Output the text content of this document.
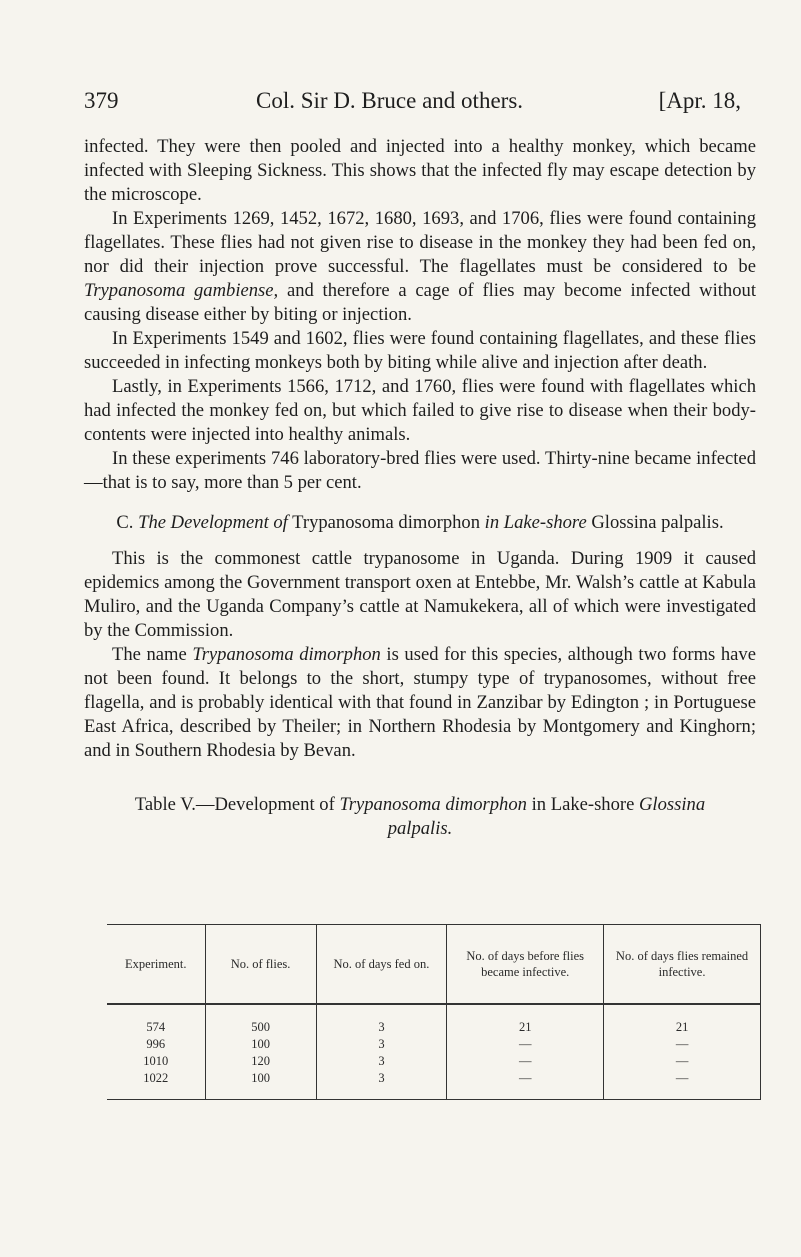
379	Col. Sir D. Bruce and others.	[Apr. 18,

infected. They were then pooled and injected into a healthy monkey, which became infected with Sleeping Sickness. This shows that the infected fly may escape detection by the microscope.

In Experiments 1269, 1452, 1672, 1680, 1693, and 1706, flies were found containing flagellates. These flies had not given rise to disease in the monkey they had been fed on, nor did their injection prove successful. The flagellates must be considered to be Trypanosoma gambiense, and therefore a cage of flies may become infected without causing disease either by biting or injection.

In Experiments 1549 and 1602, flies were found containing flagellates, and these flies succeeded in infecting monkeys both by biting while alive and injection after death.

Lastly, in Experiments 1566, 1712, and 1760, flies were found with flagellates which had infected the monkey fed on, but which failed to give rise to disease when their body-contents were injected into healthy animals.

In these experiments 746 laboratory-bred flies were used. Thirty-nine became infected—that is to say, more than 5 per cent.

C. The Development of Trypanosoma dimorphon in Lake-shore Glossina palpalis.

This is the commonest cattle trypanosome in Uganda. During 1909 it caused epidemics among the Government transport oxen at Entebbe, Mr. Walsh’s cattle at Kabula Muliro, and the Uganda Company’s cattle at Namukekera, all of which were investigated by the Commission.

The name Trypanosoma dimorphon is used for this species, although two forms have not been found. It belongs to the short, stumpy type of trypanosomes, without free flagella, and is probably identical with that found in Zanzibar by Edington ; in Portuguese East Africa, described by Theiler; in Northern Rhodesia by Montgomery and Kinghorn; and in Southern Rhodesia by Bevan.

Table V.—Development of Trypanosoma dimorphon in Lake-shore Glossina
palpalis.

Experiment.	No. of flies.	No. of days fed on.	No. of days before flies became infective.	No. of days flies remained infective.
574	500	3	21	21
996	100	3	—	—
1010	120	3	—	—
1022	100	3	—	—
